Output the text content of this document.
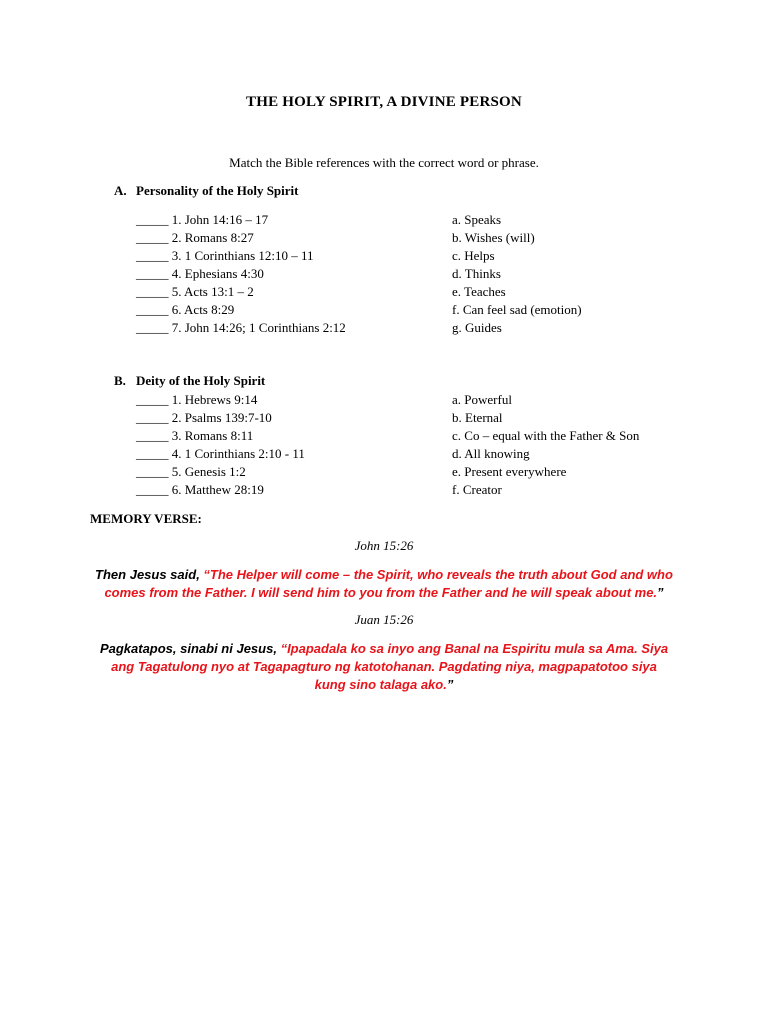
THE HOLY SPIRIT, A DIVINE PERSON
Match the Bible references with the correct word or phrase.
A. Personality of the Holy Spirit
_____ 1. John 14:16 – 17	a. Speaks
_____ 2. Romans 8:27	b. Wishes (will)
_____ 3. 1 Corinthians 12:10 – 11	c. Helps
_____ 4. Ephesians 4:30	d. Thinks
_____ 5. Acts 13:1 – 2	e. Teaches
_____ 6. Acts 8:29	f. Can feel sad (emotion)
_____ 7. John 14:26; 1 Corinthians 2:12	g. Guides
B. Deity of the Holy Spirit
_____ 1. Hebrews 9:14	a. Powerful
_____ 2. Psalms 139:7-10	b. Eternal
_____ 3. Romans 8:11	c. Co – equal with the Father & Son
_____ 4. 1 Corinthians 2:10 - 11	d. All knowing
_____ 5. Genesis 1:2	e. Present everywhere
_____ 6. Matthew 28:19	f. Creator
MEMORY VERSE:
John 15:26
Then Jesus said, “The Helper will come – the Spirit, who reveals the truth about God and who comes from the Father. I will send him to you from the Father and he will speak about me.”
Juan 15:26
Pagkatapos, sinabi ni Jesus, “Ipapadala ko sa inyo ang Banal na Espiritu mula sa Ama. Siya ang Tagatulong nyo at Tagapagturo ng katotohanan. Pagdating niya, magpapatotoo siya kung sino talaga ako.”
